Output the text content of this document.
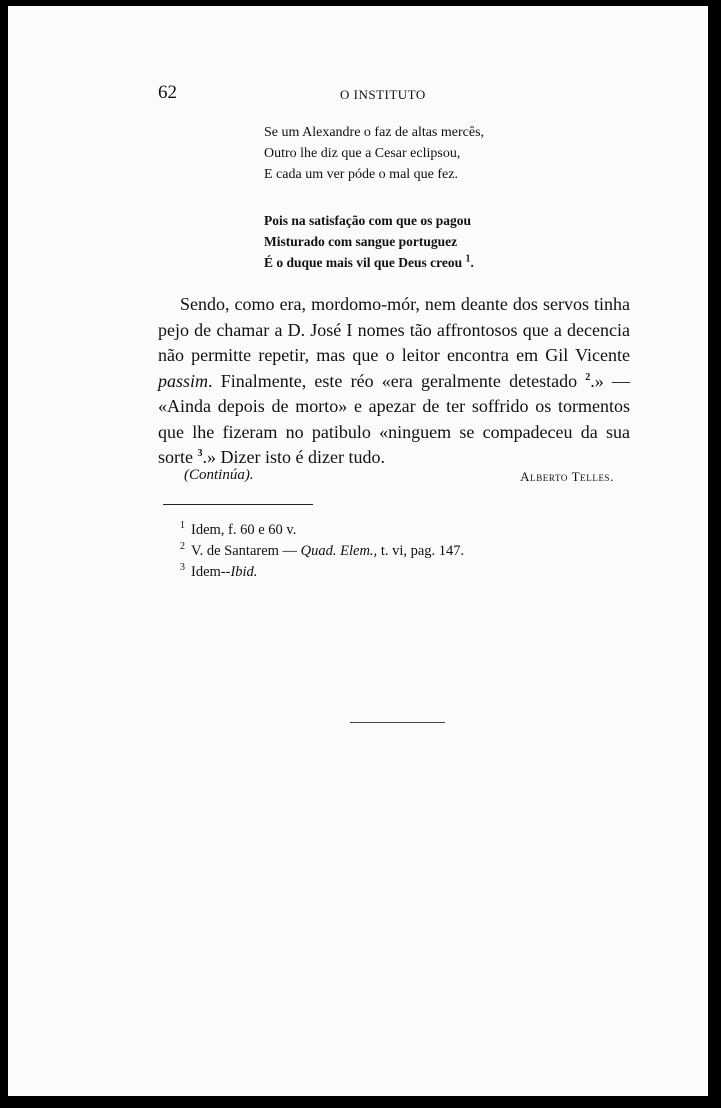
62	O INSTITUTO
Se um Alexandre o faz de altas mercês,
Outro lhe diz que a Cesar eclipsou,
E cada um ver póde o mal que fez.
Pois na satisfação com que os pagou
Misturado com sangue portuguez
É o duque mais vil que Deus creou $^1$.

Sendo, como era, mordomo-mór, nem deante dos servos tinha pejo de chamar a D. José I nomes tão affrontosos que a decencia não permitte repetir, mas que o leitor encontra em Gil Vicente passim. Finalmente, este réo «era geralmente detestado $^2$.» — «Ainda depois de morto» e apezar de ter soffrido os tormentos que lhe fizeram no patibulo «ninguem se compadeceu da sua sorte $^3$.» Dizer isto é dizer tudo.

(Continúa).	Alberto Telles.
$^1$ Idem, f. 60 e 60 v.
$^2$ V. de Santarem — Quad. Elem., t. vi, pag. 147.
$^3$ Idem--Ibid.
